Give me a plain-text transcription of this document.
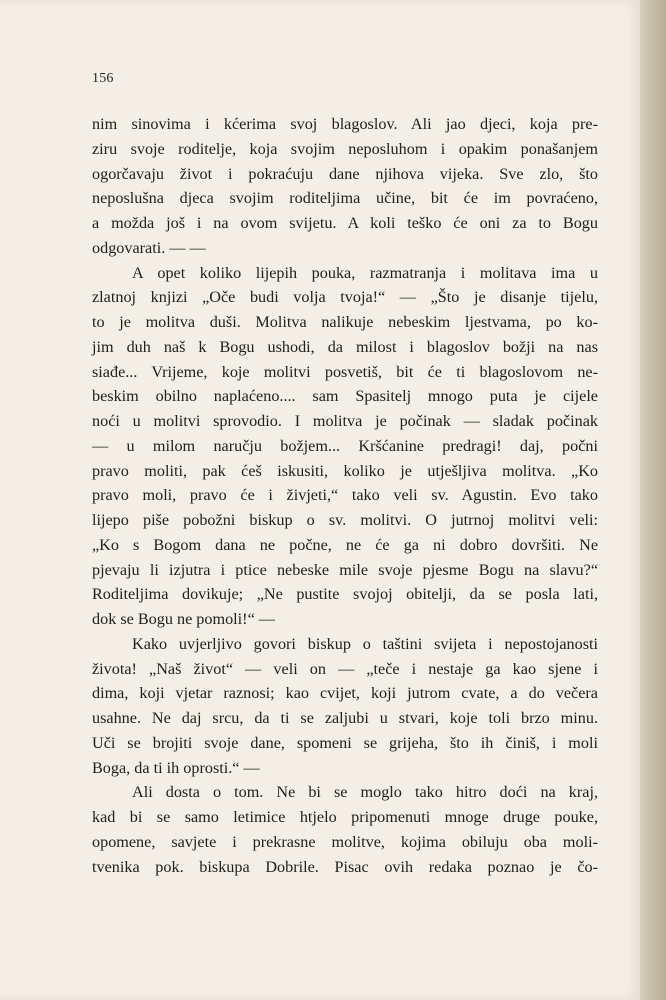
156
nim sinovima i kćerima svoj blagoslov. Ali jao djeci, koja pre-
ziru svoje roditelje, koja svojim neposluhom i opakim ponašanjem
ogorčavaju život i pokraćuju dane njihova vijeka. Sve zlo, što
neposlušna djeca svojim roditeljima učine, bit će im povraćeno,
a možda još i na ovom svijetu. A koli teško će oni za to Bogu
odgovarati. — —
A opet koliko lijepih pouka, razmatranja i molitava ima u
zlatnoj knjizi „Oče budi volja tvoja!“ — „Što je disanje tijelu,
to je molitva duši. Molitva nalikuje nebeskim ljestvama, po ko-
jim duh naš k Bogu ushodi, da milost i blagoslov božji na nas
siađe... Vrijeme, koje molitvi posvetiš, bit će ti blagoslovom ne-
beskim obilno naplaćeno.... sam Spasitelj mnogo puta je cijele
noći u molitvi sprovodio. I molitva je počinak — sladak počinak
— u milom naručju božjem... Kršćanine predragi! daj, počni
pravo moliti, pak ćeš iskusiti, koliko je utješljiva molitva. „Ko
pravo moli, pravo će i živjeti,“ tako veli sv. Agustin. Evo tako
lijepo piše pobožni biskup o sv. molitvi. O jutrnoj molitvi veli:
„Ko s Bogom dana ne počne, ne će ga ni dobro dovršiti. Ne
pjevaju li izjutra i ptice nebeske mile svoje pjesme Bogu na slavu?“
Roditeljima dovikuje; „Ne pustite svojoj obitelji, da se posla lati,
dok se Bogu ne pomoli!“ —
Kako uvjerljivo govori biskup o taštini svijeta i nepostojanosti
života! „Naš život“ — veli on — „teče i nestaje ga kao sjene i
dima, koji vjetar raznosi; kao cvijet, koji jutrom cvate, a do večera
usahne. Ne daj srcu, da ti se zaljubi u stvari, koje toli brzo minu.
Uči se brojiti svoje dane, spomeni se grijeha, što ih činiš, i moli
Boga, da ti ih oprosti.“ —
Ali dosta o tom. Ne bi se moglo tako hitro doći na kraj,
kad bi se samo letimice htjelo pripomenuti mnoge druge pouke,
opomene, savjete i prekrasne molitve, kojima obiluju oba moli-
tvenika pok. biskupa Dobrile. Pisac ovih redaka poznao je čo-
